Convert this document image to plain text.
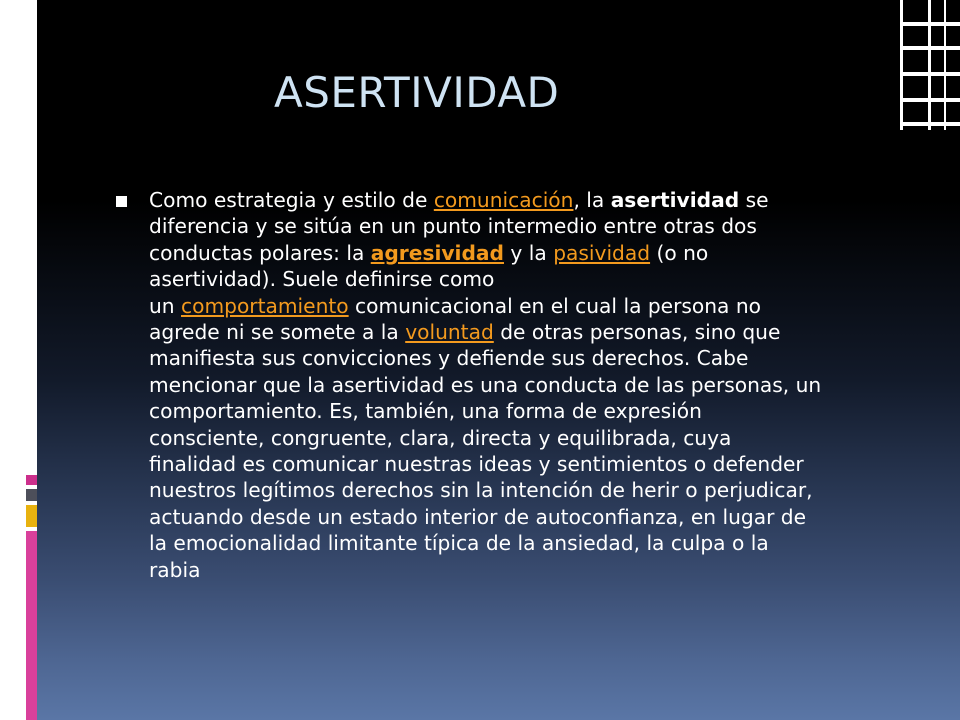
ASERTIVIDAD

Como estrategia y estilo de comunicación, la asertividad se
diferencia y se sitúa en un punto intermedio entre otras dos
conductas polares: la agresividad y la pasividad (o no
asertividad). Suele definirse como
un comportamiento comunicacional en el cual la persona no
agrede ni se somete a la voluntad de otras personas, sino que
manifiesta sus convicciones y defiende sus derechos. Cabe
mencionar que la asertividad es una conducta de las personas, un
comportamiento. Es, también, una forma de expresión
consciente, congruente, clara, directa y equilibrada, cuya
finalidad es comunicar nuestras ideas y sentimientos o defender
nuestros legítimos derechos sin la intención de herir o perjudicar,
actuando desde un estado interior de autoconfianza, en lugar de
la emocionalidad limitante típica de la ansiedad, la culpa o la
rabia
